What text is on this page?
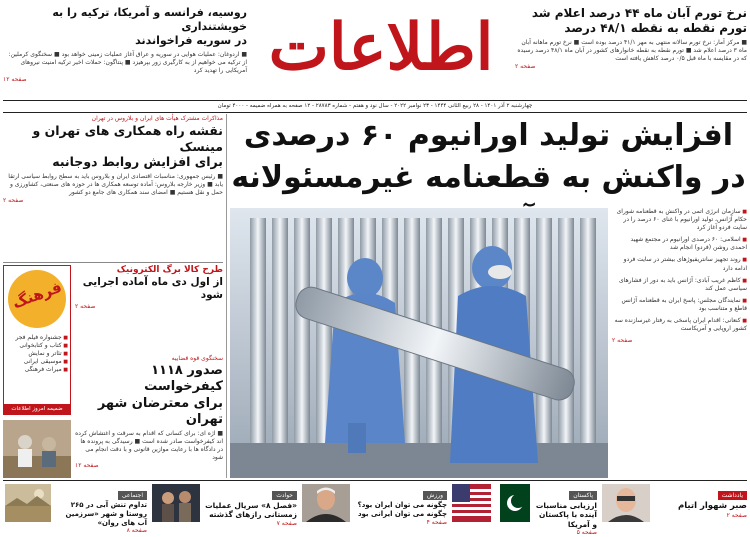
نرخ تورم آبان ماه ۴۴ درصد اعلام شد
تورم نقطه به نقطه ۴۸/۱ درصد
■ مرکز آمار: نرخ تورم سالانه منتهی به مهر ۴۱/۱ درصد بوده است ■ نرخ تورم ماهانه آبان ماه ۳ درصد اعلام شد ■ تورم نقطه به نقطه خانوارهای کشور در آبان ماه ۴۸/۱ درصد رسیده که در مقایسه با ماه قبل ۰/۵ درصد کاهش یافته است
صفحه ۲
اطلاعات
روسیه، فرانسه و آمریکا، ترکیه را به خویشتنداری
در سوریه فراخواندند
■ اردوغان: عملیات هوایی در سوریه و عراق آغاز عملیات زمینی خواهد بود ■ سخنگوی کرملین: از ترکیه می خواهیم از به کارگیری زور بپرهیزد ■ پنتاگون: حملات اخیر ترکیه امنیت نیروهای آمریکایی را تهدید کرد
صفحه ۱۲
چهارشنبه ۲ آذر ۱۴۰۱ - ۲۸ ربیع الثانی ۱۴۴۴ - ۲۳ نوامبر ۲۰۲۲ - سال نود و هفتم - شماره ۲۸۷۸۳ - ۱۲ صفحه به همراه ضمیمه - ۴۰۰۰ تومان
افزایش تولید اورانیوم ۶۰ درصدی
در واکنش به قطعنامه غیرمسئولانه
■ سازمان انرژی اتمی در واکنش به قطعنامه شورای حکام آژانس، تولید اورانیوم با غنای ۶۰ درصد را در سایت فردو آغاز کرد
■ اسلامی: ۶۰ درصدی اورانیوم در مجتمع شهید احمدی روشن (فردو) انجام شد
■ روند تجهیز سانتریفیوژهای بیشتر در سایت فردو ادامه دارد
■ کاظم غریب آبادی: آژانس باید به دور از فشارهای سیاسی عمل کند
■ نمایندگان مجلس: پاسخ ایران به قطعنامه آژانس قاطع و متناسب بود
■ کنعانی: اقدام ایران پاسخی به رفتار غیرسازنده سه کشور اروپایی و آمریکاست
صفحه ۲
مذاکرات مشترک هیأت های ایران و بلاروس در تهران
نقشه راه همکاری های تهران و مینسک
برای افزایش روابط دوجانبه
■ رئیس جمهوری: مناسبات اقتصادی ایران و بلاروس باید به سطح روابط سیاسی ارتقا یابد ■ وزیر خارجه بلاروس: آماده توسعه همکاری ها در حوزه های صنعتی، کشاورزی و حمل و نقل هستیم ■ امضای سند همکاری های جامع دو کشور
صفحه ۲
فرهنگ
■ جشنواره فیلم فجر
■ کتاب و کتابخوانی
■ تئاتر و نمایش
■ موسیقی ایرانی
■ میراث فرهنگی
ضمیمه امروز اطلاعات
طرح کالا برگ الکترونیک
از اول دی ماه آماده اجرایی شود
صفحه ۲
سخنگوی قوه قضاییه
صدور ۱۱۱۸ کیفرخواست
برای معترضان شهر تهران
■ اژه ای: برای کسانی که اقدام به سرقت و اغتشاش کرده اند کیفرخواست صادر شده است ■ رسیدگی به پرونده ها در دادگاه ها با رعایت موازین قانونی و با دقت انجام می شود
صفحه ۱۲
یادداشت
صبر شهوار اتیام
صفحه ۲
پاکستان
ارزیابی مناسبات آینده با پاکستان و آمریکا
صفحه ۵
ورزش
چگونه می توان ایران بود؟ چگونه می توان ایرانی بود
صفحه ۴
حوادث
«فصل ۸» سریال عملیات زمستانی رازهای گذشته
صفحه ۷
اجتماعی
تداوم تنش آبی در ۲۶۵ روستا و شهر «سرزمین آب های روان»
صفحه ۸
